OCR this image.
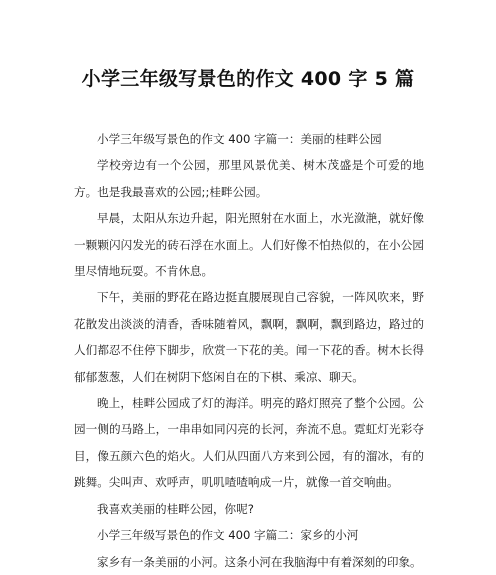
小学三年级写景色的作文 400 字 5 篇

小学三年级写景色的作文 400 字篇一：美丽的桂畔公园

学校旁边有一个公园，那里风景优美、树木茂盛是个可爱的地方。也是我最喜欢的公园;;桂畔公园。

早晨，太阳从东边升起，阳光照射在水面上，水光潋滟，就好像一颗颗闪闪发光的砖石浮在水面上。人们好像不怕热似的，在小公园里尽情地玩耍。不肯休息。

下午，美丽的野花在路边挺直腰展现自己容貌，一阵风吹来，野花散发出淡淡的清香，香味随着风，飘啊，飘啊，飘到路边，路过的人们都忍不住停下脚步，欣赏一下花的美。闻一下花的香。树木长得郁郁葱葱，人们在树阴下悠闲自在的下棋、乘凉、聊天。

晚上，桂畔公园成了灯的海洋。明亮的路灯照亮了整个公园。公园一侧的马路上，一串串如同闪亮的长河，奔流不息。霓虹灯光彩夺目，像五颜六色的焰火。人们从四面八方来到公园，有的溜冰，有的跳舞。尖叫声、欢呼声，叽叽喳喳响成一片，就像一首交响曲。

我喜欢美丽的桂畔公园，你呢?

小学三年级写景色的作文 400 字篇二：家乡的小河

家乡有一条美丽的小河。这条小河在我脑海中有着深刻的印象。
